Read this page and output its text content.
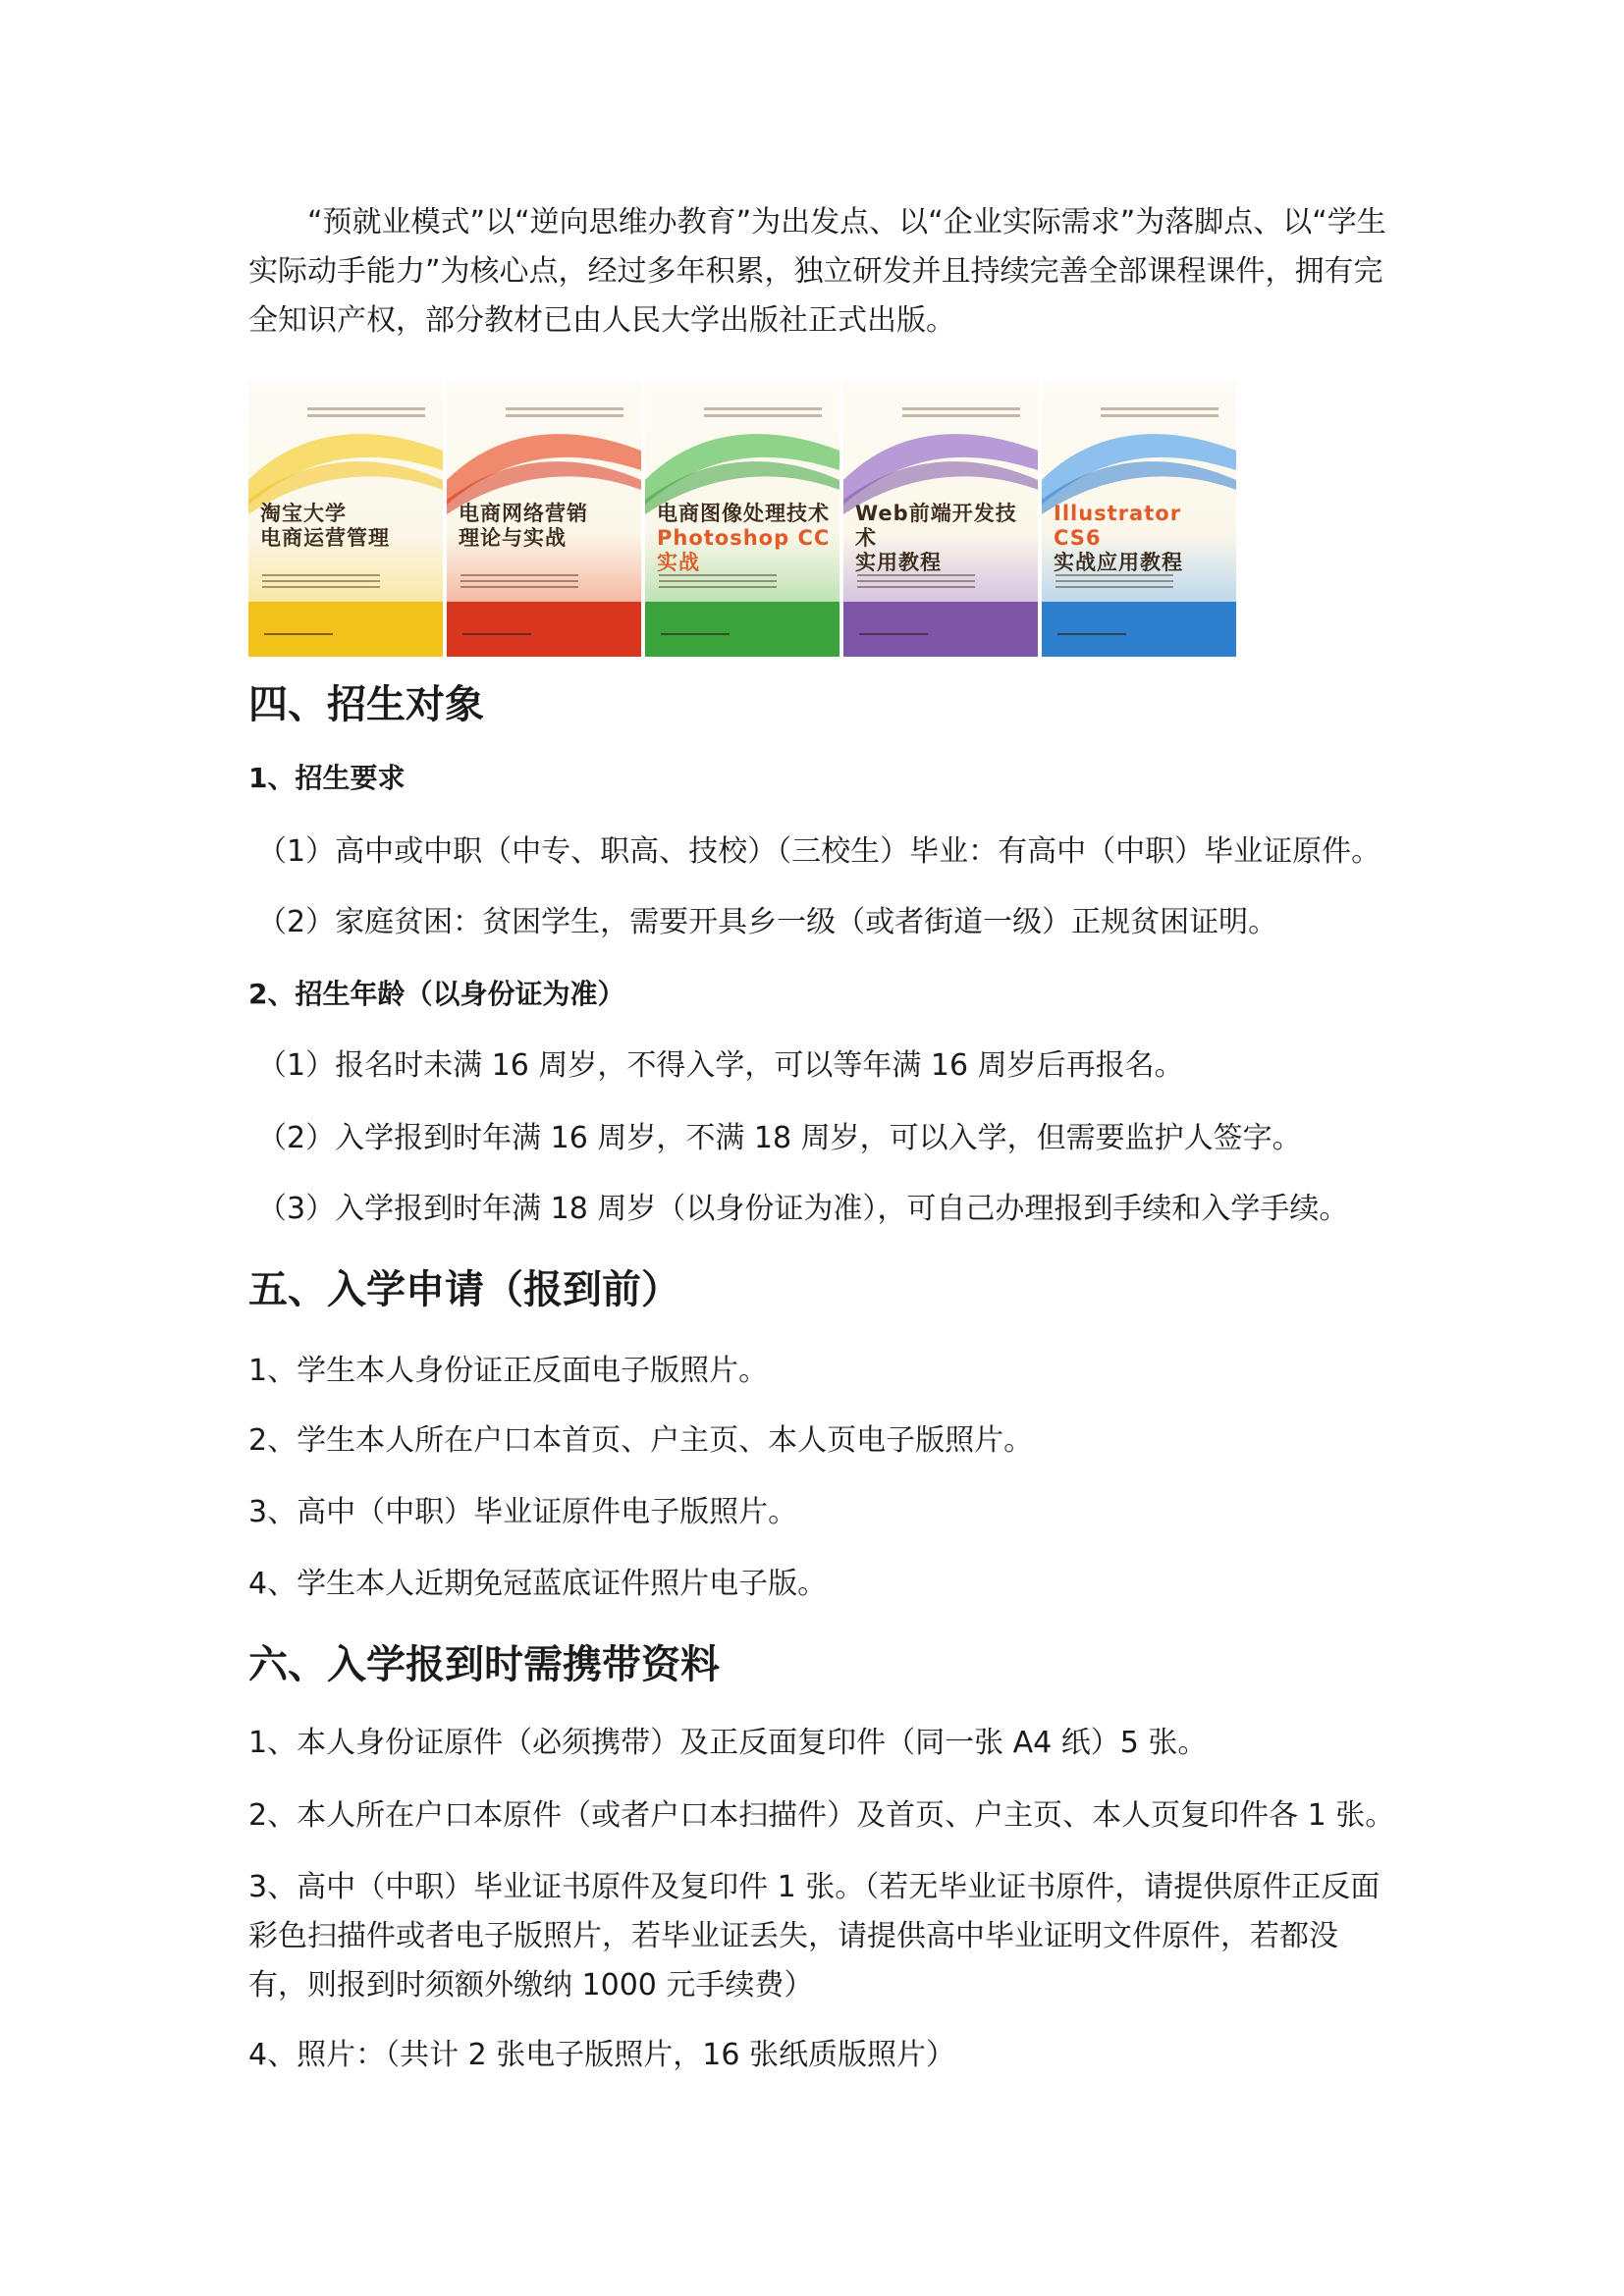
“预就业模式”以“逆向思维办教育”为出发点、以“企业实际需求”为落脚点、以“学生实际动手能力”为核心点，经过多年积累，独立研发并且持续完善全部课程课件，拥有完全知识产权，部分教材已由人民大学出版社正式出版。

淘宝大学
电商运营管理
电商网络营销
理论与实战
电商图像处理技术
Photoshop CC实战
Web前端开发技术
实用教程
Illustrator CS6
实战应用教程
四、招生对象
1、招生要求

（1）高中或中职（中专、职高、技校）（三校生）毕业：有高中（中职）毕业证原件。

（2）家庭贫困：贫困学生，需要开具乡一级（或者街道一级）正规贫困证明。

2、招生年龄（以身份证为准）

（1）报名时未满 16 周岁，不得入学，可以等年满 16 周岁后再报名。

（2）入学报到时年满 16 周岁，不满 18 周岁，可以入学，但需要监护人签字。

（3）入学报到时年满 18 周岁（以身份证为准），可自己办理报到手续和入学手续。

五、入学申请（报到前）

1、学生本人身份证正反面电子版照片。

2、学生本人所在户口本首页、户主页、本人页电子版照片。

3、高中（中职）毕业证原件电子版照片。

4、学生本人近期免冠蓝底证件照片电子版。

六、入学报到时需携带资料

1、本人身份证原件（必须携带）及正反面复印件（同一张 A4 纸）5 张。

2、本人所在户口本原件（或者户口本扫描件）及首页、户主页、本人页复印件各 1 张。

3、高中（中职）毕业证书原件及复印件 1 张。（若无毕业证书原件，请提供原件正反面彩色扫描件或者电子版照片，若毕业证丢失，请提供高中毕业证明文件原件，若都没有，则报到时须额外缴纳 1000 元手续费）

4、照片：（共计 2 张电子版照片，16 张纸质版照片）
